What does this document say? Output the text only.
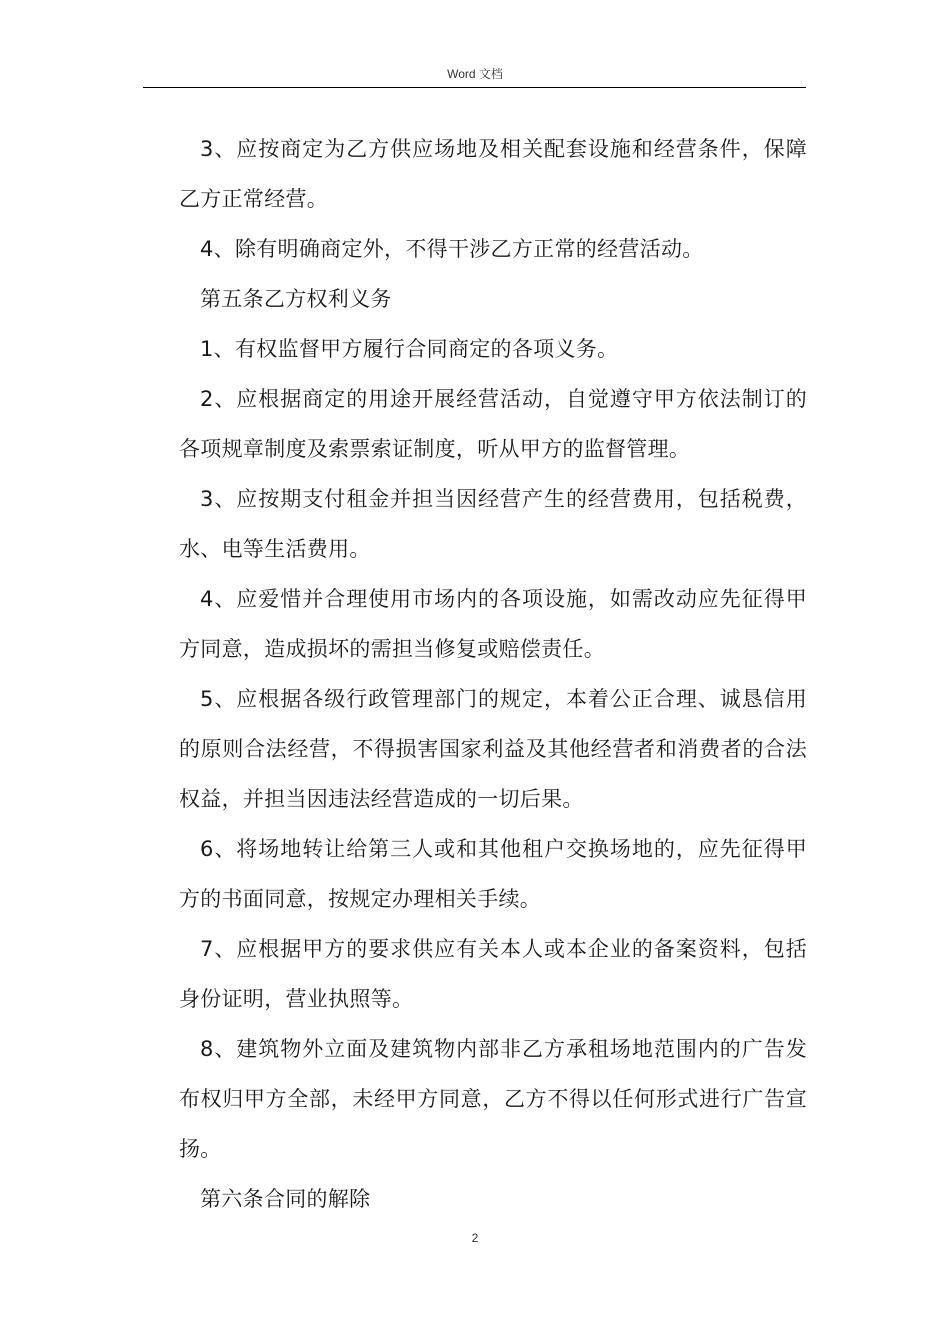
Word 文档

3、应按商定为乙方供应场地及相关配套设施和经营条件，保障乙方正常经营。

4、除有明确商定外，不得干涉乙方正常的经营活动。

第五条乙方权利义务

1、有权监督甲方履行合同商定的各项义务。

2、应根据商定的用途开展经营活动，自觉遵守甲方依法制订的各项规章制度及索票索证制度，听从甲方的监督管理。

3、应按期支付租金并担当因经营产生的经营费用，包括税费，水、电等生活费用。

4、应爱惜并合理使用市场内的各项设施，如需改动应先征得甲方同意，造成损坏的需担当修复或赔偿责任。

5、应根据各级行政管理部门的规定，本着公正合理、诚恳信用的原则合法经营，不得损害国家利益及其他经营者和消费者的合法权益，并担当因违法经营造成的一切后果。

6、将场地转让给第三人或和其他租户交换场地的，应先征得甲方的书面同意，按规定办理相关手续。

7、应根据甲方的要求供应有关本人或本企业的备案资料，包括身份证明，营业执照等。

8、建筑物外立面及建筑物内部非乙方承租场地范围内的广告发布权归甲方全部，未经甲方同意，乙方不得以任何形式进行广告宣扬。

第六条合同的解除

2
